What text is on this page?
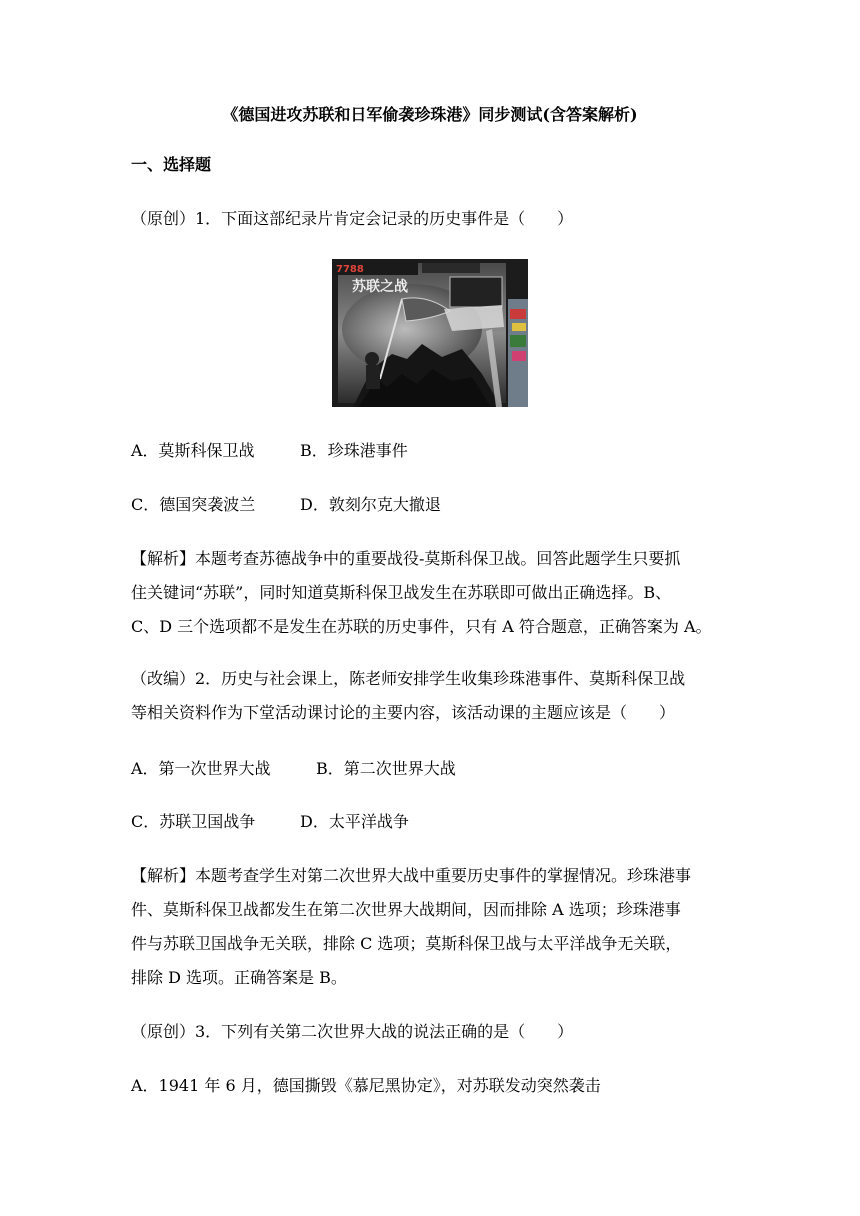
《德国进攻苏联和日军偷袭珍珠港》同步测试(含答案解析)
一、选择题
（原创）1．下面这部纪录片肯定会记录的历史事件是（　　）
7788
苏联之战
A．莫斯科保卫战	B．珍珠港事件
C．德国突袭波兰	D．敦刻尔克大撤退
【解析】本题考查苏德战争中的重要战役-莫斯科保卫战。回答此题学生只要抓
住关键词“苏联”，同时知道莫斯科保卫战发生在苏联即可做出正确选择。B、
C、D 三个选项都不是发生在苏联的历史事件，只有 A 符合题意，正确答案为 A。
（改编）2．历史与社会课上，陈老师安排学生收集珍珠港事件、莫斯科保卫战
等相关资料作为下堂活动课讨论的主要内容，该活动课的主题应该是（　　）
A．第一次世界大战	B．第二次世界大战
C．苏联卫国战争	D．太平洋战争
【解析】本题考查学生对第二次世界大战中重要历史事件的掌握情况。珍珠港事
件、莫斯科保卫战都发生在第二次世界大战期间，因而排除 A 选项；珍珠港事
件与苏联卫国战争无关联，排除 C 选项；莫斯科保卫战与太平洋战争无关联，
排除 D 选项。正确答案是 B。
（原创）3．下列有关第二次世界大战的说法正确的是（　　）
A．1941 年 6 月，德国撕毁《慕尼黑协定》，对苏联发动突然袭击
